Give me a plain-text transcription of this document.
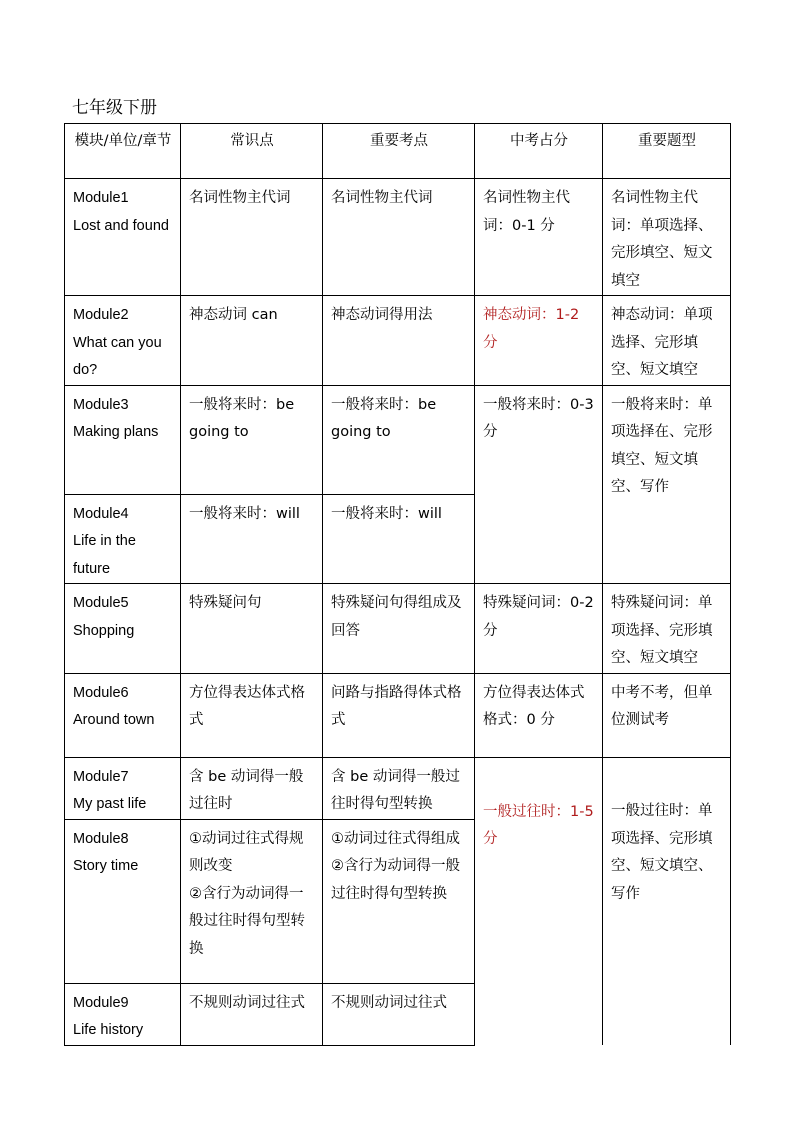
七年级下册
模块/单位/章节	常识点	重要考点	中考占分	重要题型

Module1
Lost and found	名词性物主代词	名词性物主代词	名词性物主代词：0-1 分	名词性物主代词：单项选择、完形填空、短文填空

Module2
What can you do?	神态动词 can	神态动词得用法	神态动词：1-2 分	神态动词：单项选择、完形填空、短文填空

Module3
Making plans	一般将来时：be going to	一般将来时：be going to	一般将来时：0-3 分	一般将来时：单项选择在、完形填空、短文填空、写作

Module4
Life in the future	一般将来时：will	一般将来时：will		

Module5
Shopping	特殊疑问句	特殊疑问句得组成及回答	特殊疑问词：0-2 分	特殊疑问词：单项选择、完形填空、短文填空

Module6
Around town	方位得表达体式格式	问路与指路得体式格式	方位得表达体式格式：0 分	中考不考，但单位测试考

Module7
My past life	含 be 动词得一般过往时	含 be 动词得一般过往时得句型转换	一般过往时：1-5 分	一般过往时：单项选择、完形填空、短文填空、写作

Module8
Story time	①动词过往式得规则改变
②含行为动词得一般过往时得句型转换	①动词过往式得组成
②含行为动词得一般过往时得句型转换		

Module9
Life history	不规则动词过往式	不规则动词过往式		
